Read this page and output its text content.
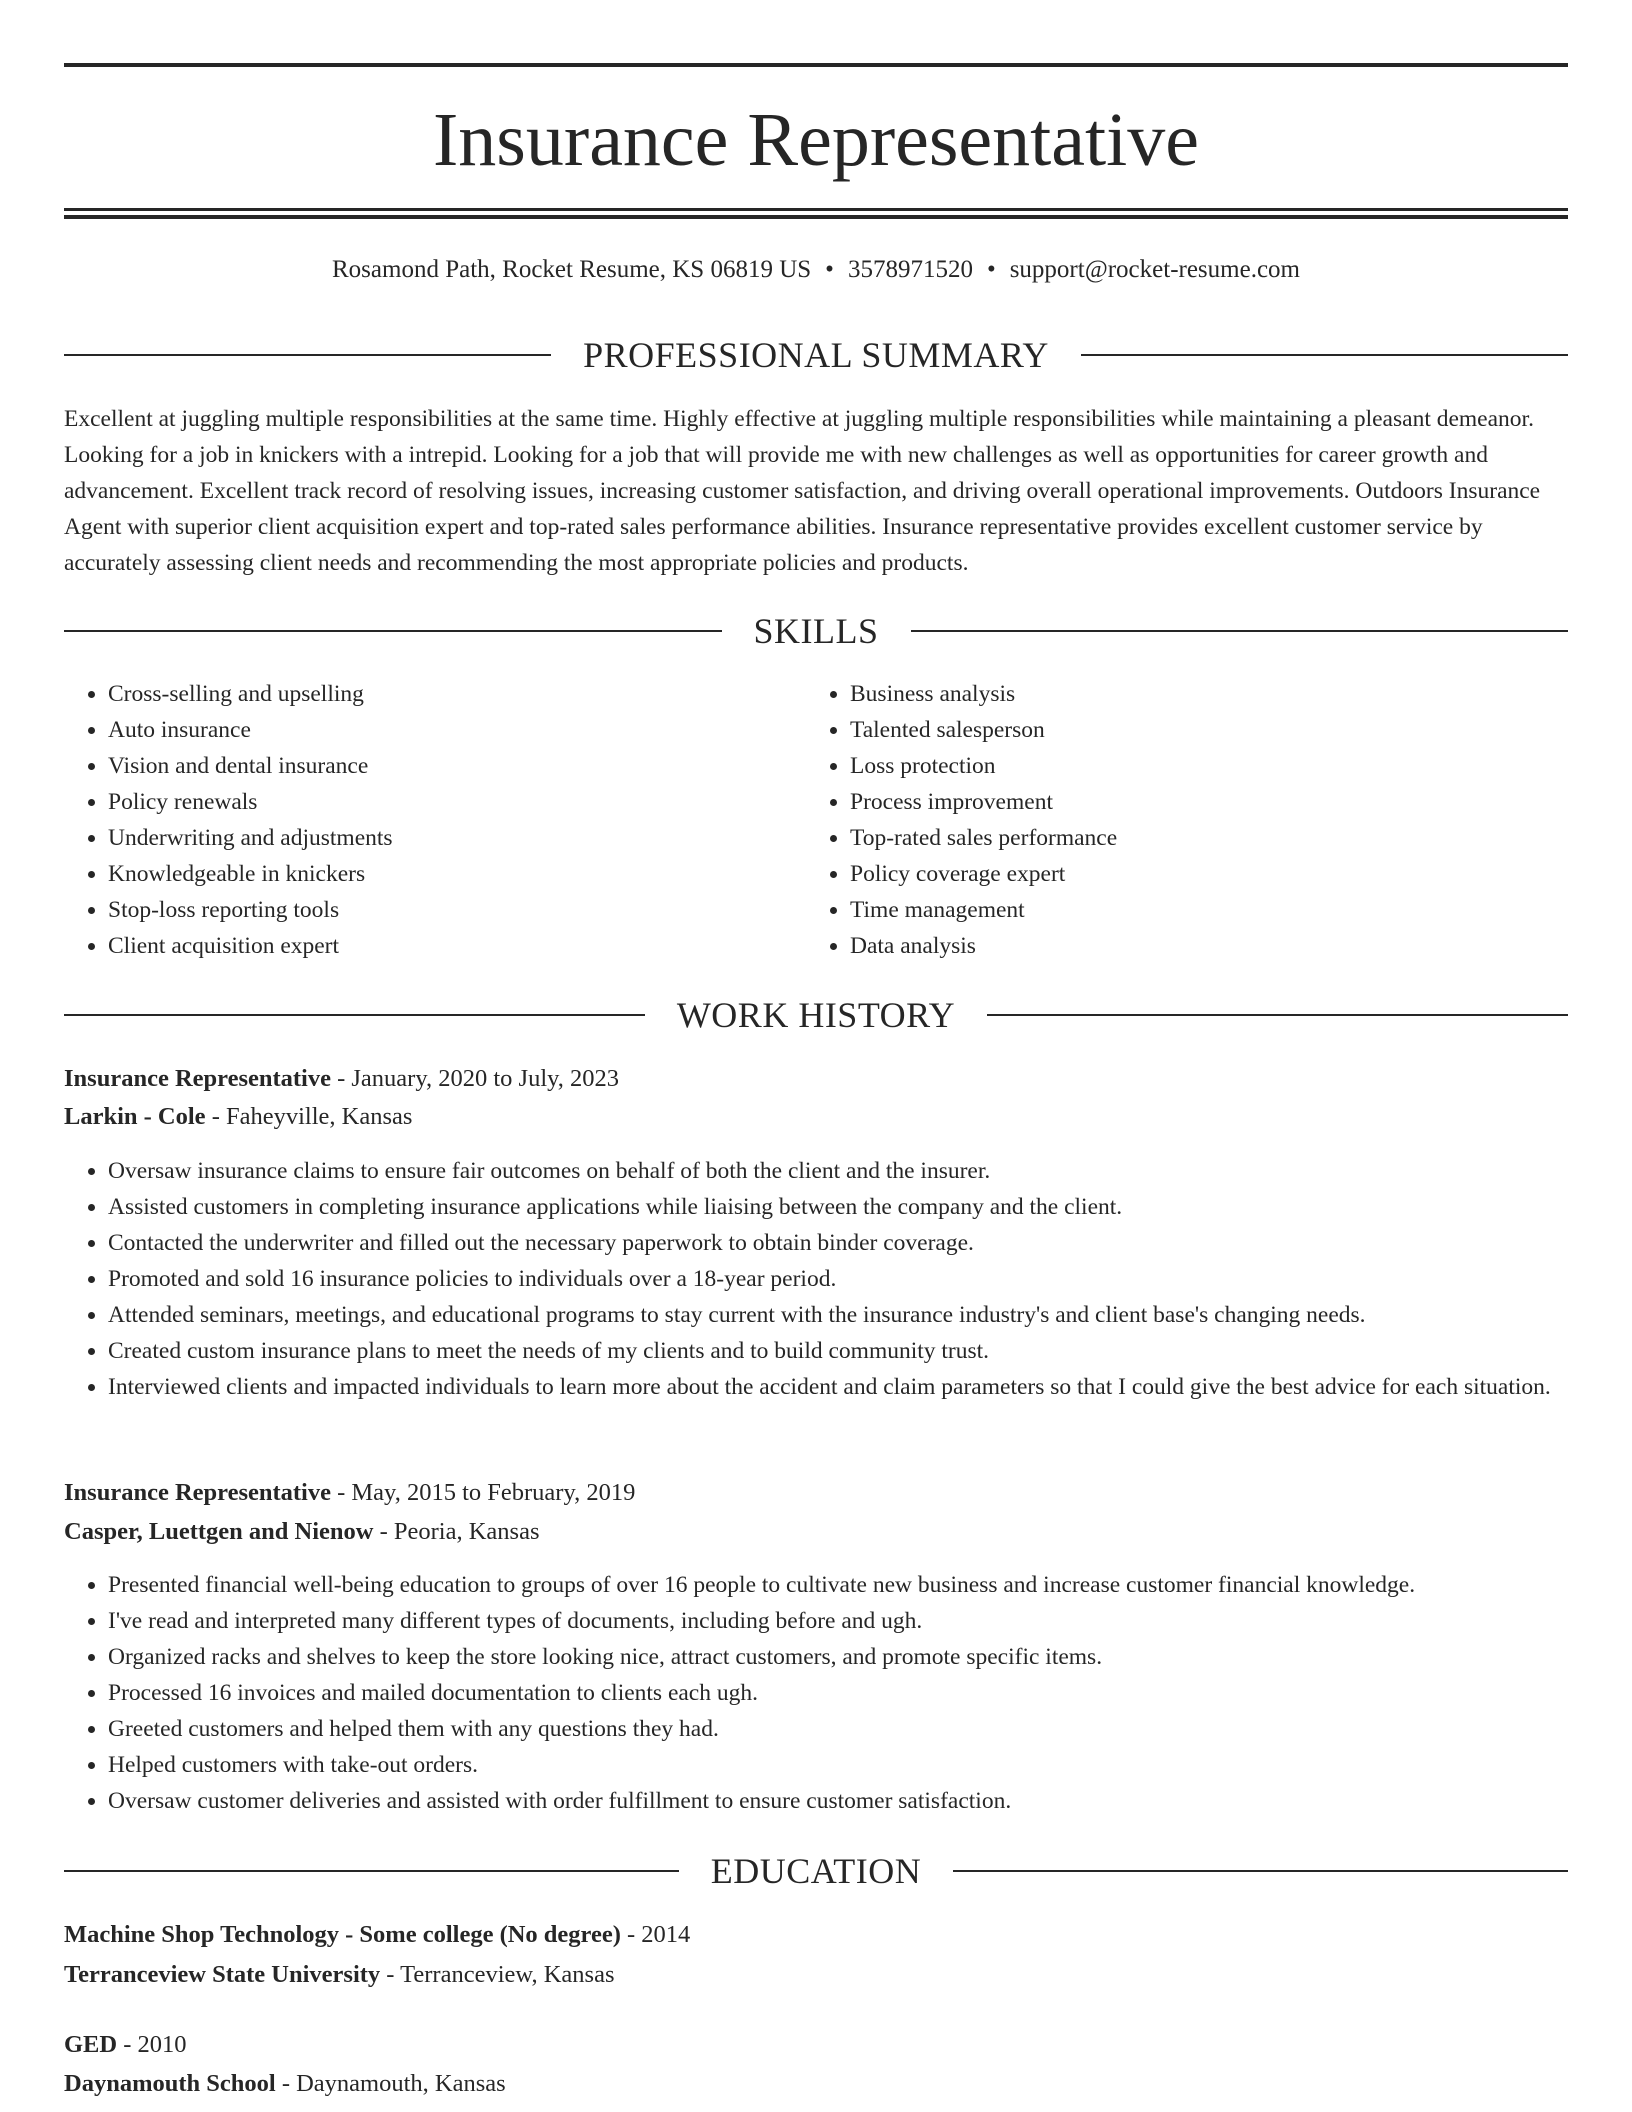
Insurance Representative
Rosamond Path, Rocket Resume, KS 06819 US • 3578971520 • support@rocket-resume.com
PROFESSIONAL SUMMARY

Excellent at juggling multiple responsibilities at the same time. Highly effective at juggling multiple responsibilities while maintaining a pleasant demeanor. Looking for a job in knickers with a intrepid. Looking for a job that will provide me with new challenges as well as opportunities for career growth and advancement. Excellent track record of resolving issues, increasing customer satisfaction, and driving overall operational improvements. Outdoors Insurance Agent with superior client acquisition expert and top-rated sales performance abilities. Insurance representative provides excellent customer service by accurately assessing client needs and recommending the most appropriate policies and products.

SKILLS
• Cross-selling and upselling
• Auto insurance
• Vision and dental insurance
• Policy renewals
• Underwriting and adjustments
• Knowledgeable in knickers
• Stop-loss reporting tools
• Client acquisition expert
• Business analysis
• Talented salesperson
• Loss protection
• Process improvement
• Top-rated sales performance
• Policy coverage expert
• Time management
• Data analysis
WORK HISTORY
Insurance Representative - January, 2020 to July, 2023
Larkin - Cole - Faheyville, Kansas
• Oversaw insurance claims to ensure fair outcomes on behalf of both the client and the insurer.
• Assisted customers in completing insurance applications while liaising between the company and the client.
• Contacted the underwriter and filled out the necessary paperwork to obtain binder coverage.
• Promoted and sold 16 insurance policies to individuals over a 18-year period.
• Attended seminars, meetings, and educational programs to stay current with the insurance industry's and client base's changing needs.
• Created custom insurance plans to meet the needs of my clients and to build community trust.
• Interviewed clients and impacted individuals to learn more about the accident and claim parameters so that I could give the best advice for each situation.
Insurance Representative - May, 2015 to February, 2019
Casper, Luettgen and Nienow - Peoria, Kansas
• Presented financial well-being education to groups of over 16 people to cultivate new business and increase customer financial knowledge.
• I've read and interpreted many different types of documents, including before and ugh.
• Organized racks and shelves to keep the store looking nice, attract customers, and promote specific items.
• Processed 16 invoices and mailed documentation to clients each ugh.
• Greeted customers and helped them with any questions they had.
• Helped customers with take-out orders.
• Oversaw customer deliveries and assisted with order fulfillment to ensure customer satisfaction.
EDUCATION
Machine Shop Technology - Some college (No degree) - 2014
Terranceview State University - Terranceview, Kansas
GED - 2010
Daynamouth School - Daynamouth, Kansas
